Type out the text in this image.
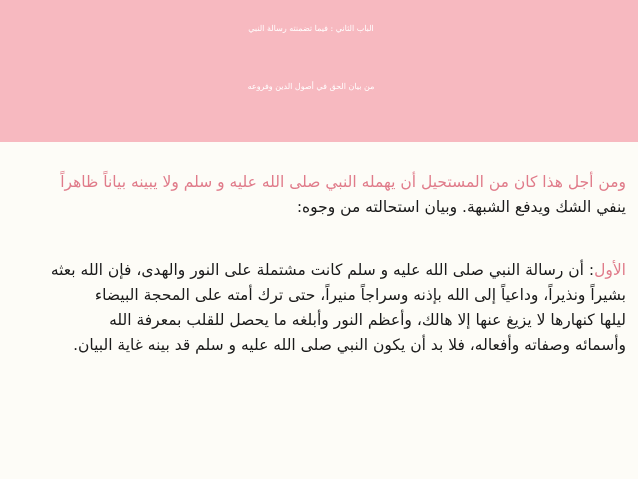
الباب الثاني : فيما تضمنته رسالة النبي
من بيان الحق في أصول الدين وفروعه
ومن أجل هذا كان من المستحيل أن يهمله النبي صلى الله عليه و سلم ولا يبينه بياناً ظاهراً
ينفي الشك ويدفع الشبهة. وبيان استحالته من وجوه:
الأول: أن رسالة النبي صلى الله عليه و سلم كانت مشتملة على النور والهدى، فإن الله بعثه
بشيراً ونذيراً، وداعياً إلى الله بإذنه وسراجاً منيراً، حتى ترك أمته على المحجة البيضاء
ليلها كنهارها لا يزيغ عنها إلا هالك، وأعظم النور وأبلغه ما يحصل للقلب بمعرفة الله
وأسمائه وصفاته وأفعاله، فلا بد أن يكون النبي صلى الله عليه و سلم قد بينه غاية البيان.
